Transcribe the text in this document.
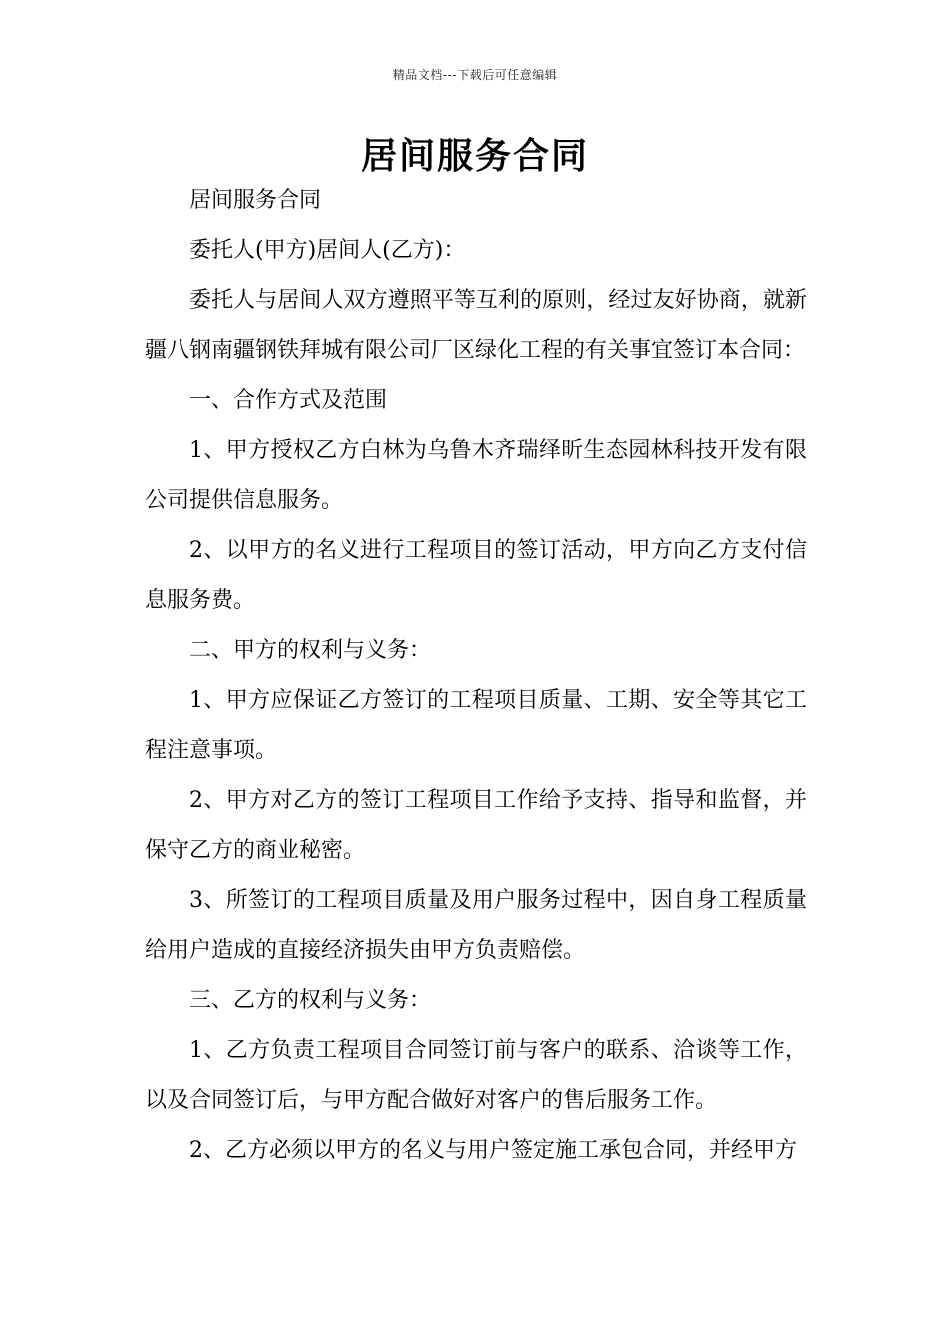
精品文档---下载后可任意编辑
居间服务合同

居间服务合同

委托人(甲方)居间人(乙方)：

委托人与居间人双方遵照平等互利的原则，经过友好协商，就新疆八钢南疆钢铁拜城有限公司厂区绿化工程的有关事宜签订本合同：

一、合作方式及范围

1、甲方授权乙方白林为乌鲁木齐瑞绎昕生态园林科技开发有限公司提供信息服务。

2、以甲方的名义进行工程项目的签订活动，甲方向乙方支付信息服务费。

二、甲方的权利与义务：

1、甲方应保证乙方签订的工程项目质量、工期、安全等其它工程注意事项。

2、甲方对乙方的签订工程项目工作给予支持、指导和监督，并保守乙方的商业秘密。

3、所签订的工程项目质量及用户服务过程中，因自身工程质量给用户造成的直接经济损失由甲方负责赔偿。

三、乙方的权利与义务：

1、乙方负责工程项目合同签订前与客户的联系、洽谈等工作，以及合同签订后，与甲方配合做好对客户的售后服务工作。

2、乙方必须以甲方的名义与用户签定施工承包合同，并经甲方
